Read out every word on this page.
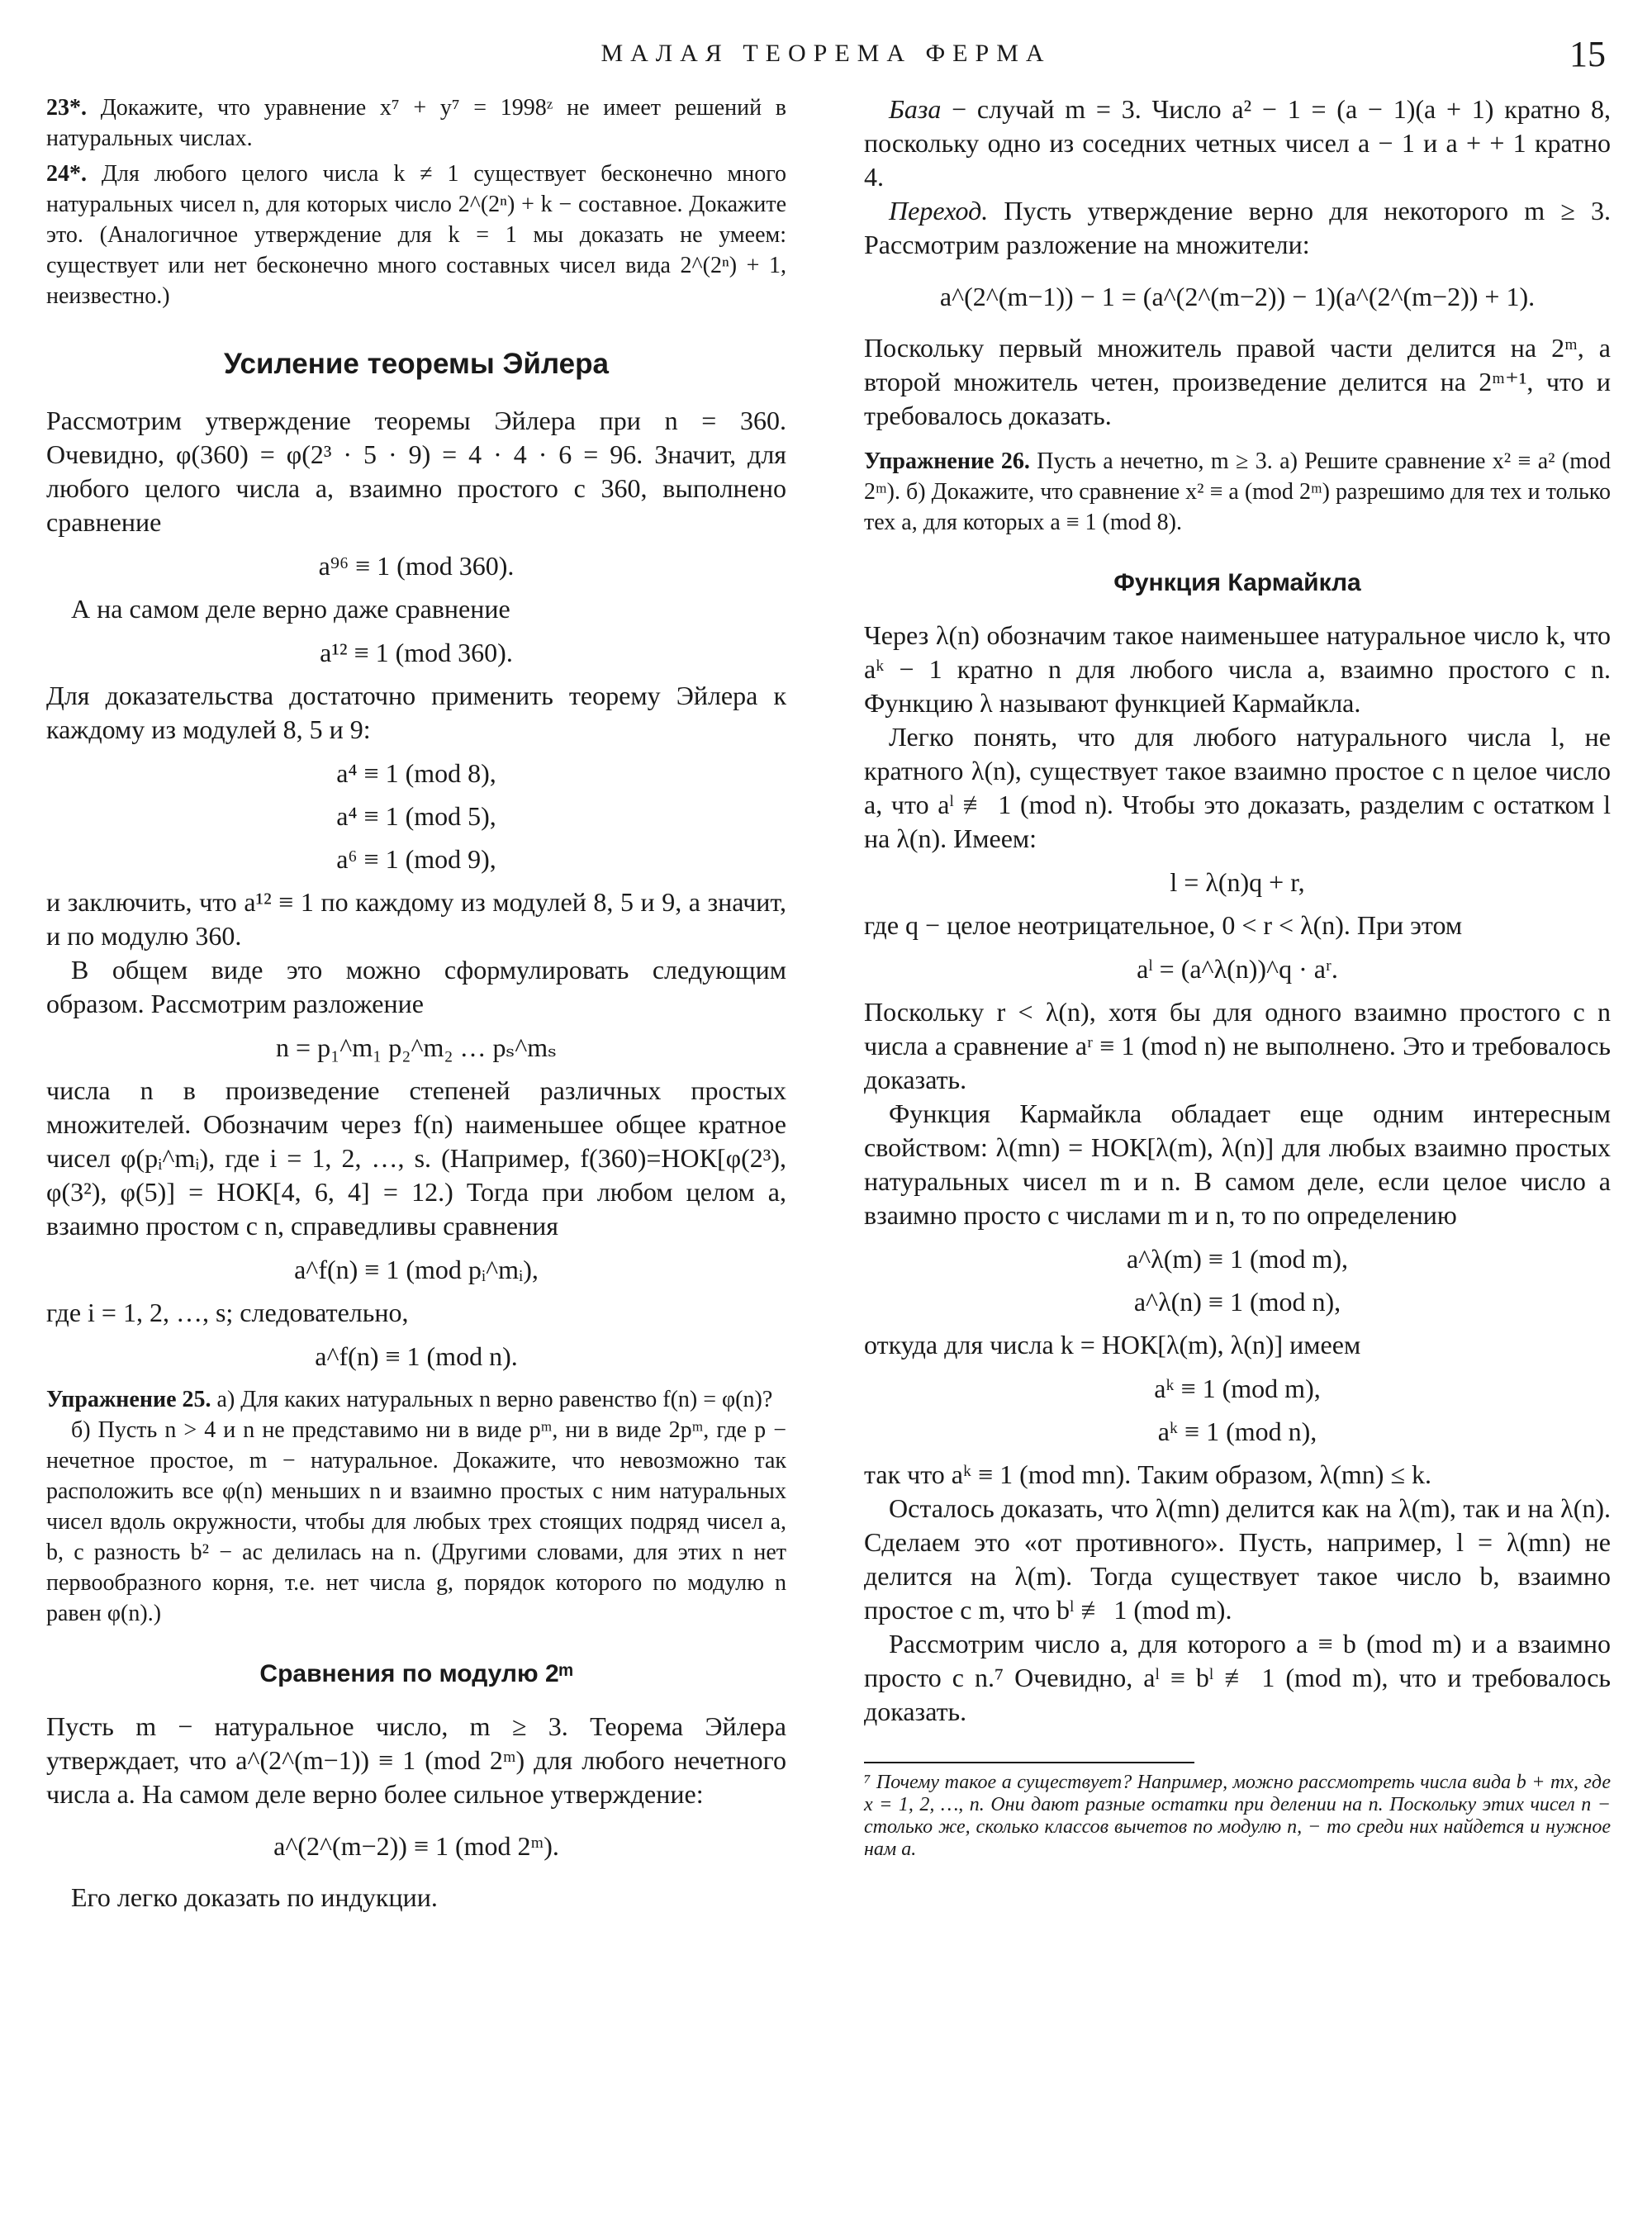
МАЛАЯ ТЕОРЕМА ФЕРМА	15

23*. Докажите, что уравнение x⁷ + y⁷ = 1998ᶻ не имеет решений в натуральных числах.

24*. Для любого целого числа k ≠ 1 существует бесконечно много натуральных чисел n, для которых число 2^(2ⁿ) + k − составное. Докажите это. (Аналогичное утверждение для k = 1 мы доказать не умеем: существует или нет бесконечно много составных чисел вида 2^(2ⁿ) + 1, неизвестно.)

Усиление теоремы Эйлера

Рассмотрим утверждение теоремы Эйлера при n = 360. Очевидно, φ(360) = φ(2³ · 5 · 9) = 4 · 4 · 6 = 96. Значит, для любого целого числа a, взаимно простого с 360, выполнено сравнение

a⁹⁶ ≡ 1 (mod 360).

А на самом деле верно даже сравнение

a¹² ≡ 1 (mod 360).

Для доказательства достаточно применить теорему Эйлера к каждому из модулей 8, 5 и 9:

a⁴ ≡ 1 (mod 8),
a⁴ ≡ 1 (mod 5),
a⁶ ≡ 1 (mod 9),

и заключить, что a¹² ≡ 1 по каждому из модулей 8, 5 и 9, а значит, и по модулю 360.

В общем виде это можно сформулировать следующим образом. Рассмотрим разложение

n = p₁^m₁ p₂^m₂ … pₛ^mₛ

числа n в произведение степеней различных простых множителей. Обозначим через f(n) наименьшее общее кратное чисел φ(pᵢ^mᵢ), где i = 1, 2, …, s. (Например, f(360)=НОК[φ(2³), φ(3²), φ(5)] = НОК[4, 6, 4] = 12.) Тогда при любом целом a, взаимно простом с n, справедливы сравнения

a^f(n) ≡ 1 (mod pᵢ^mᵢ),

где i = 1, 2, …, s; следовательно,

a^f(n) ≡ 1 (mod n).

Упражнение 25. а) Для каких натуральных n верно равенство f(n) = φ(n)?

б) Пусть n > 4 и n не представимо ни в виде pᵐ, ни в виде 2pᵐ, где p − нечетное простое, m − натуральное. Докажите, что невозможно так расположить все φ(n) меньших n и взаимно простых с ним натуральных чисел вдоль окружности, чтобы для любых трех стоящих подряд чисел a, b, c разность b² − ac делилась на n. (Другими словами, для этих n нет первообразного корня, т.е. нет числа g, порядок которого по модулю n равен φ(n).)

Сравнения по модулю 2ᵐ

Пусть m − натуральное число, m ≥ 3. Теорема Эйлера утверждает, что a^(2^(m−1)) ≡ 1 (mod 2ᵐ) для любого нечетного числа a. На самом деле верно более сильное утверждение:

a^(2^(m−2)) ≡ 1 (mod 2ᵐ).

Его легко доказать по индукции.

База − случай m = 3. Число a² − 1 = (a − 1)(a + 1) кратно 8, поскольку одно из соседних четных чисел a − 1 и a + + 1 кратно 4.

Переход. Пусть утверждение верно для некоторого m ≥ 3. Рассмотрим разложение на множители:

a^(2^(m−1)) − 1 = (a^(2^(m−2)) − 1)(a^(2^(m−2)) + 1).

Поскольку первый множитель правой части делится на 2ᵐ, а второй множитель четен, произведение делится на 2ᵐ⁺¹, что и требовалось доказать.

Упражнение 26. Пусть a нечетно, m ≥ 3. а) Решите сравнение x² ≡ a² (mod 2ᵐ). б) Докажите, что сравнение x² ≡ a (mod 2ᵐ) разрешимо для тех и только тех a, для которых a ≡ 1 (mod 8).

Функция Кармайкла

Через λ(n) обозначим такое наименьшее натуральное число k, что aᵏ − 1 кратно n для любого числа a, взаимно простого с n. Функцию λ называют функцией Кармайкла.

Легко понять, что для любого натурального числа l, не кратного λ(n), существует такое взаимно простое с n целое число a, что aˡ ≢ 1 (mod n). Чтобы это доказать, разделим с остатком l на λ(n). Имеем:

l = λ(n)q + r,

где q − целое неотрицательное, 0 < r < λ(n). При этом

aˡ = (a^λ(n))^q · aʳ.

Поскольку r < λ(n), хотя бы для одного взаимно простого с n числа a сравнение aʳ ≡ 1 (mod n) не выполнено. Это и требовалось доказать.

Функция Кармайкла обладает еще одним интересным свойством: λ(mn) = НОК[λ(m), λ(n)] для любых взаимно простых натуральных чисел m и n. В самом деле, если целое число a взаимно просто с числами m и n, то по определению

a^λ(m) ≡ 1 (mod m),
a^λ(n) ≡ 1 (mod n),

откуда для числа k = НОК[λ(m), λ(n)] имеем

aᵏ ≡ 1 (mod m),
aᵏ ≡ 1 (mod n),

так что aᵏ ≡ 1 (mod mn). Таким образом, λ(mn) ≤ k.

Осталось доказать, что λ(mn) делится как на λ(m), так и на λ(n). Сделаем это «от противного». Пусть, например, l = λ(mn) не делится на λ(m). Тогда существует такое число b, взаимно простое с m, что bˡ ≢ 1 (mod m).

Рассмотрим число a, для которого a ≡ b (mod m) и a взаимно просто с n.⁷ Очевидно, aˡ ≡ bˡ ≢ 1 (mod m), что и требовалось доказать.

⁷ Почему такое a существует? Например, можно рассмотреть числа вида b + mx, где x = 1, 2, …, n. Они дают разные остатки при делении на n. Поскольку этих чисел n − столько же, сколько классов вычетов по модулю n, − то среди них найдется и нужное нам a.
